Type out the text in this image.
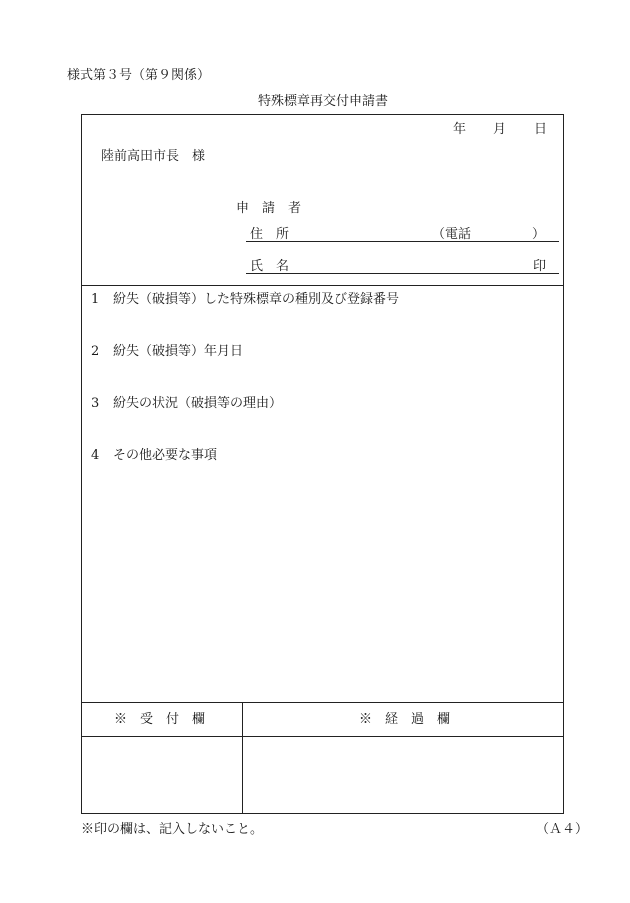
様式第３号（第９関係）
特殊標章再交付申請書
年 月 日
陸前高田市長　様
申　請　者
住　所	（電話	）
氏　名	印
1 紛失（破損等）した特殊標章の種別及び登録番号
2 紛失（破損等）年月日
3 紛失の状況（破損等の理由）
4 その他必要な事項
※　受　付　欄	※　経　過　欄
※印の欄は、記入しないこと。	（Ａ４）
